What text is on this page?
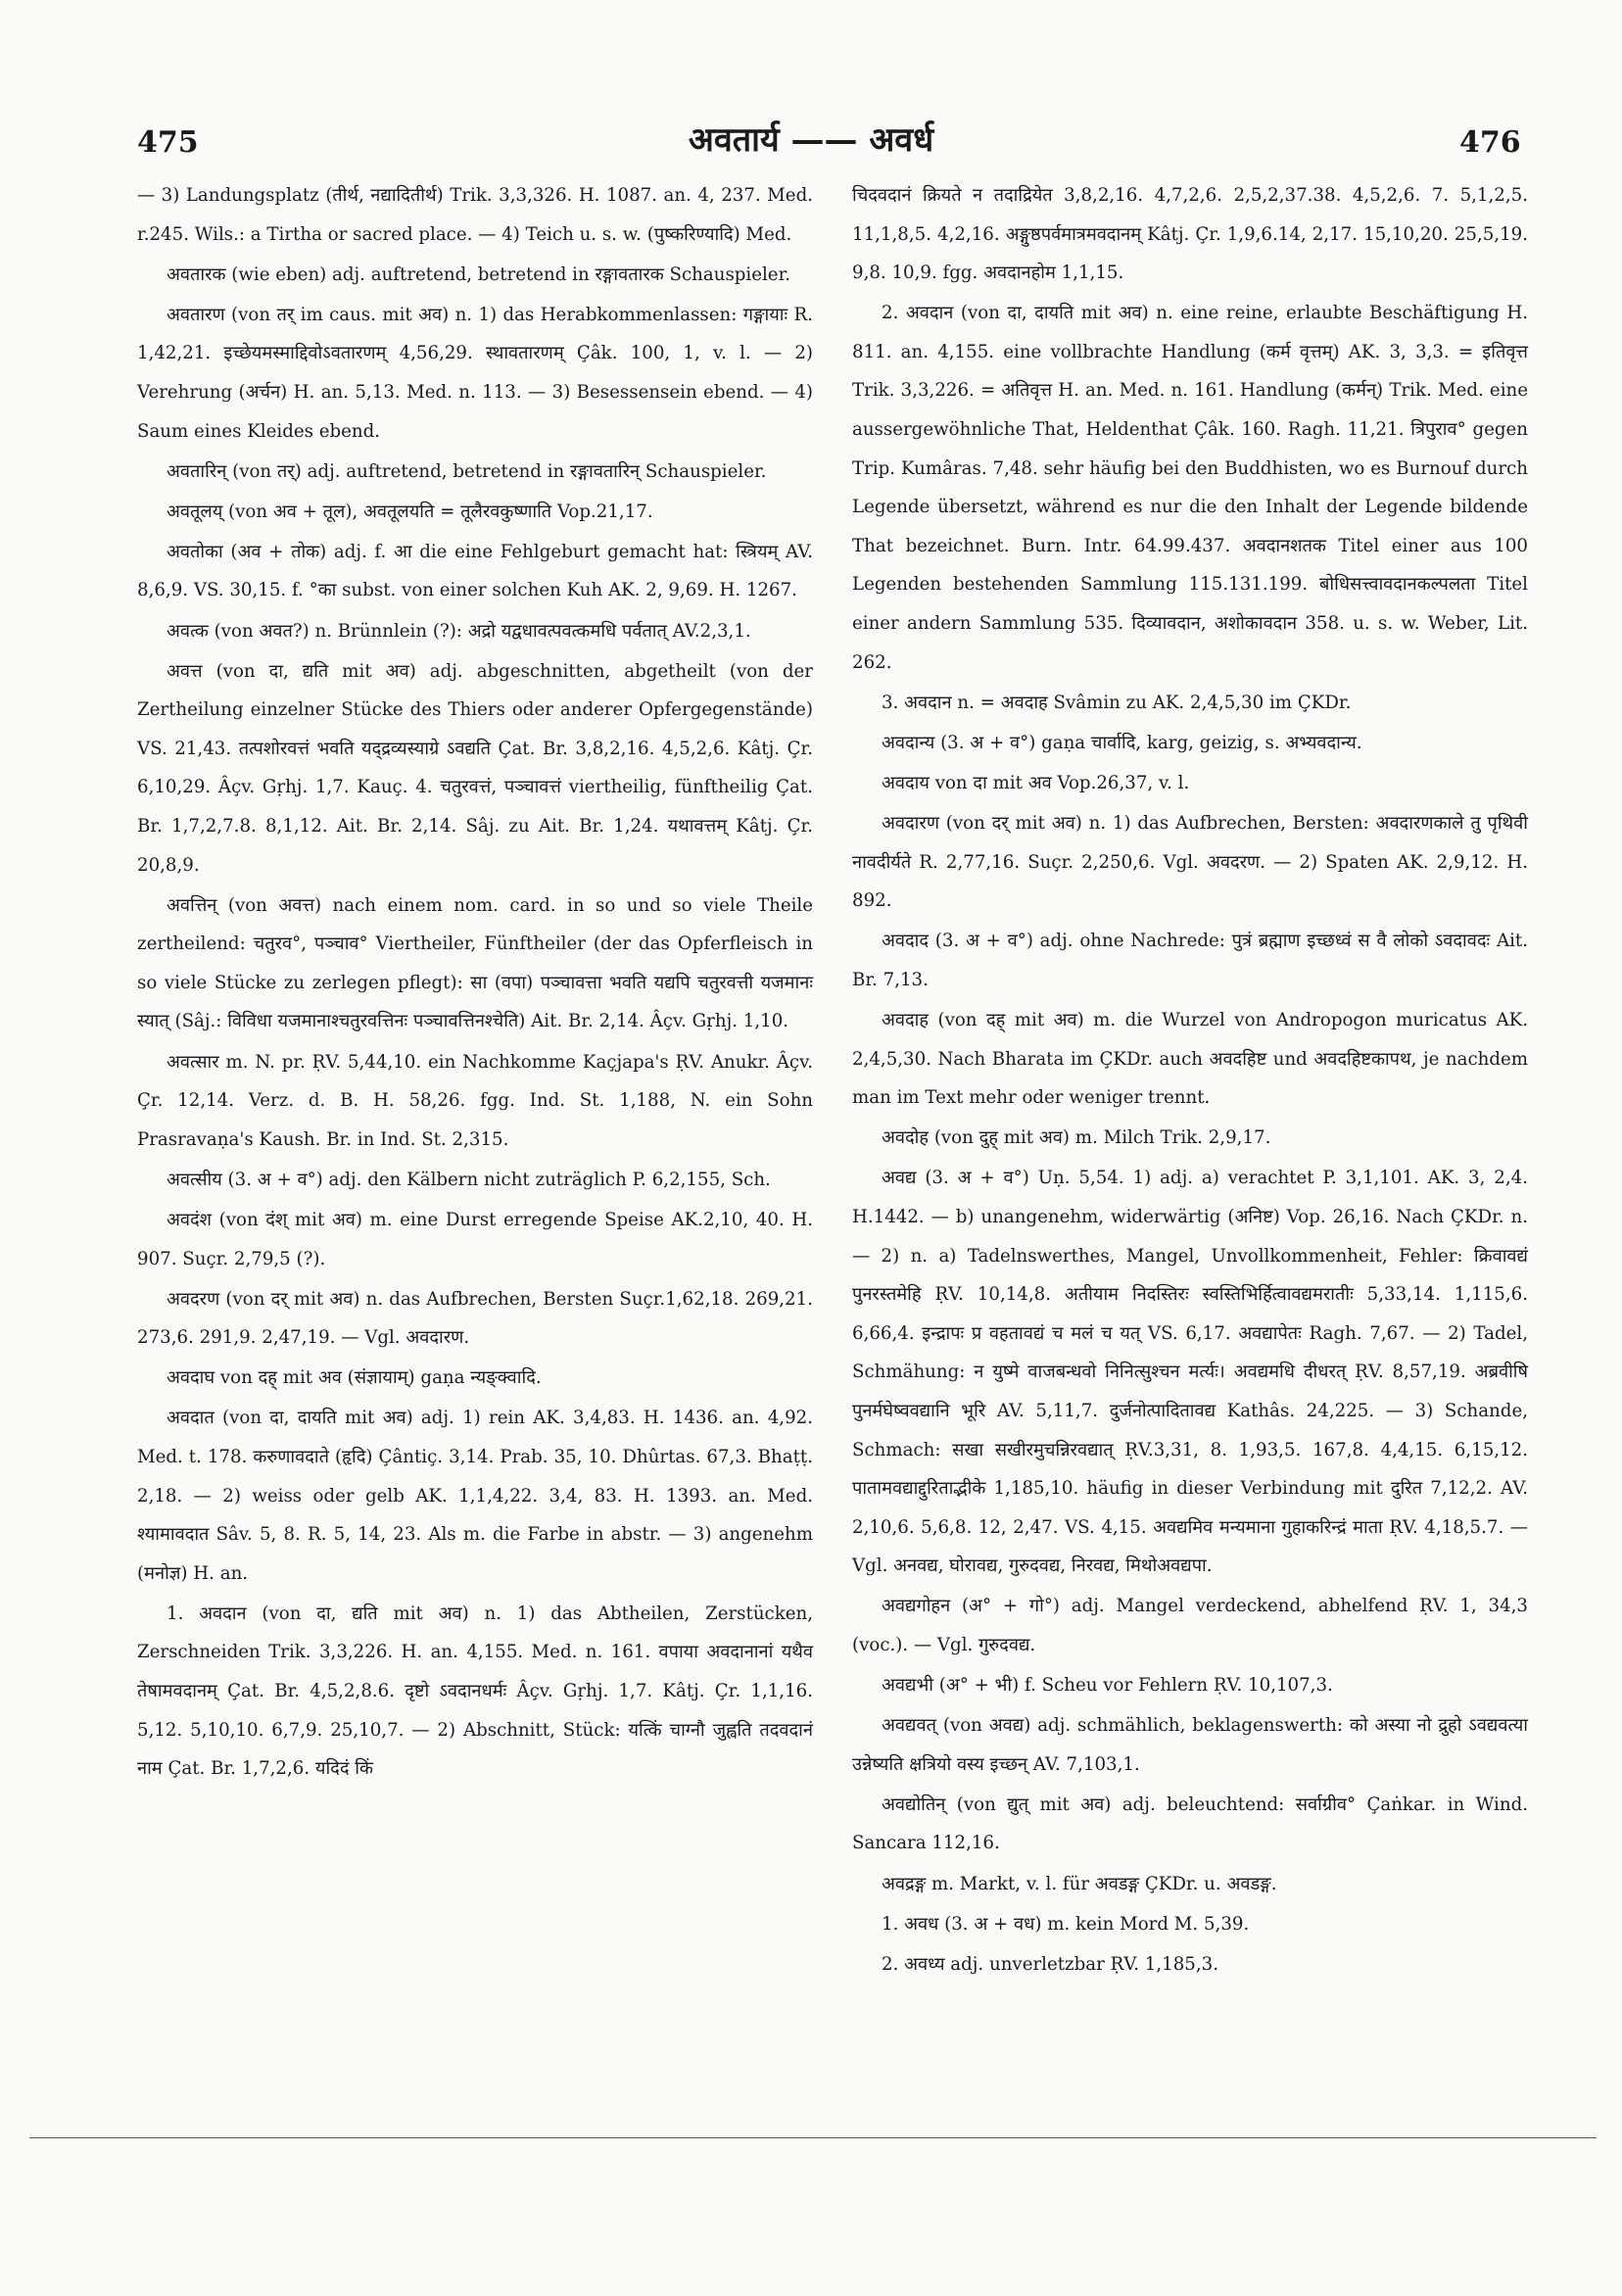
475	अवतार्य —— अवर्ध	476

— 3) Landungsplatz (तीर्थ, नद्यादितीर्थ) Trik. 3,3,326. H. 1087. an. 4, 237. Med. r.245. Wils.: a Tirtha or sacred place. — 4) Teich u. s. w. (पुष्करिण्यादि) Med.

अवतारक (wie eben) adj. auftretend, betretend in रङ्गावतारक Schauspieler.

अवतारण (von तर् im caus. mit अव) n. 1) das Herabkommenlassen: गङ्गायाः R. 1,42,21. इच्छेयमस्माद्दिवोऽवतारणम् 4,56,29. स्थावतारणम् Çâk. 100, 1, v. l. — 2) Verehrung (अर्चन) H. an. 5,13. Med. n. 113. — 3) Besessensein ebend. — 4) Saum eines Kleides ebend.

अवतारिन् (von तर्) adj. auftretend, betretend in रङ्गावतारिन् Schauspieler.

अवतूलय् (von अव + तूल), अवतूलयति = तूलैरवकुष्णाति Vop.21,17.

अवतोका (अव + तोक) adj. f. आ die eine Fehlgeburt gemacht hat: स्त्रियम् AV. 8,6,9. VS. 30,15. f. °का subst. von einer solchen Kuh AK. 2, 9,69. H. 1267.

अवत्क (von अवत?) n. Brünnlein (?): अद्रो यद्वधावत्पवत्कमधि पर्वतात् AV.2,3,1.

अवत्त (von दा, द्यति mit अव) adj. abgeschnitten, abgetheilt (von der Zertheilung einzelner Stücke des Thiers oder anderer Opfergegenstände) VS. 21,43. तत्पशोरवत्तं भवति यद्द्रव्यस्याग्रे ऽवद्यति Çat. Br. 3,8,2,16. 4,5,2,6. Kâtj. Çr. 6,10,29. Âçv. Gṛhj. 1,7. Kauç. 4. चतुरवत्तं, पञ्चावत्तं viertheilig, fünftheilig Çat. Br. 1,7,2,7.8. 8,1,12. Ait. Br. 2,14. Sâj. zu Ait. Br. 1,24. यथावत्तम् Kâtj. Çr. 20,8,9.

अवत्तिन् (von अवत्त) nach einem nom. card. in so und so viele Theile zertheilend: चतुरव°, पञ्चाव° Viertheiler, Fünftheiler (der das Opferfleisch in so viele Stücke zu zerlegen pflegt): सा (वपा) पञ्चावत्ता भवति यद्यपि चतुरवत्ती यजमानः स्यात् (Sâj.: विविधा यजमानाश्चतुरवत्तिनः पञ्चावत्तिनश्चेति) Ait. Br. 2,14. Âçv. Gṛhj. 1,10.

अवत्सार m. N. pr. ṚV. 5,44,10. ein Nachkomme Kaçjapa's ṚV. Anukr. Âçv. Çr. 12,14. Verz. d. B. H. 58,26. fgg. Ind. St. 1,188, N. ein Sohn Prasravaṇa's Kaush. Br. in Ind. St. 2,315.

अवत्सीय (3. अ + व°) adj. den Kälbern nicht zuträglich P. 6,2,155, Sch.

अवदंश (von दंश् mit अव) m. eine Durst erregende Speise AK.2,10, 40. H. 907. Suçr. 2,79,5 (?).

अवदरण (von दर् mit अव) n. das Aufbrechen, Bersten Suçr.1,62,18. 269,21. 273,6. 291,9. 2,47,19. — Vgl. अवदारण.

अवदाघ von दह् mit अव (संज्ञायाम्) gaṇa न्यङ्क्वादि.

अवदात (von दा, दायति mit अव) adj. 1) rein AK. 3,4,83. H. 1436. an. 4,92. Med. t. 178. करुणावदाते (हृदि) Çântiç. 3,14. Prab. 35, 10. Dhûrtas. 67,3. Bhaṭṭ. 2,18. — 2) weiss oder gelb AK. 1,1,4,22. 3,4, 83. H. 1393. an. Med. श्यामावदात Sâv. 5, 8. R. 5, 14, 23. Als m. die Farbe in abstr. — 3) angenehm (मनोज्ञ) H. an.

1. अवदान (von दा, द्यति mit अव) n. 1) das Abtheilen, Zerstücken, Zerschneiden Trik. 3,3,226. H. an. 4,155. Med. n. 161. वपाया अवदानानां यथैव तेषामवदानम् Çat. Br. 4,5,2,8.6. दृष्टो ऽवदानधर्मः Âçv. Gṛhj. 1,7. Kâtj. Çr. 1,1,16. 5,12. 5,10,10. 6,7,9. 25,10,7. — 2) Abschnitt, Stück: यत्किं चाग्नौ जुह्वति तदवदानं नाम Çat. Br. 1,7,2,6. यदिदं किं

चिदवदानं क्रियते न तदाद्रियेत 3,8,2,16. 4,7,2,6. 2,5,2,37.38. 4,5,2,6. 7. 5,1,2,5. 11,1,8,5. 4,2,16. अङ्गुष्ठपर्वमात्रमवदानम् Kâtj. Çr. 1,9,6.14, 2,17. 15,10,20. 25,5,19. 9,8. 10,9. fgg. अवदानहोम 1,1,15.

2. अवदान (von दा, दायति mit अव) n. eine reine, erlaubte Beschäftigung H. 811. an. 4,155. eine vollbrachte Handlung (कर्म वृत्तम्) AK. 3, 3,3. = इतिवृत्त Trik. 3,3,226. = अतिवृत्त H. an. Med. n. 161. Handlung (कर्मन्) Trik. Med. eine aussergewöhnliche That, Heldenthat Çâk. 160. Ragh. 11,21. त्रिपुराव° gegen Trip. Kumâras. 7,48. sehr häufig bei den Buddhisten, wo es Burnouf durch Legende übersetzt, während es nur die den Inhalt der Legende bildende That bezeichnet. Burn. Intr. 64.99.437. अवदानशतक Titel einer aus 100 Legenden bestehenden Sammlung 115.131.199. बोधिसत्त्वावदानकल्पलता Titel einer andern Sammlung 535. दिव्यावदान, अशोकावदान 358. u. s. w. Weber, Lit. 262.

3. अवदान n. = अवदाह Svâmin zu AK. 2,4,5,30 im ÇKDr.

अवदान्य (3. अ + व°) gaṇa चार्वादि, karg, geizig, s. अभ्यवदान्य.

अवदाय von दा mit अव Vop.26,37, v. l.

अवदारण (von दर् mit अव) n. 1) das Aufbrechen, Bersten: अवदारणकाले तु पृथिवी नावदीर्यते R. 2,77,16. Suçr. 2,250,6. Vgl. अवदरण. — 2) Spaten AK. 2,9,12. H. 892.

अवदाद (3. अ + व°) adj. ohne Nachrede: पुत्रं ब्रह्माण इच्छध्वं स वै लोको ऽवदावदः Ait. Br. 7,13.

अवदाह (von दह् mit अव) m. die Wurzel von Andropogon muricatus AK. 2,4,5,30. Nach Bharata im ÇKDr. auch अवदहिष्ट und अवदहिष्टकापथ, je nachdem man im Text mehr oder weniger trennt.

अवदोह (von दुह् mit अव) m. Milch Trik. 2,9,17.

अवद्य (3. अ + व°) Uṇ. 5,54. 1) adj. a) verachtet P. 3,1,101. AK. 3, 2,4. H.1442. — b) unangenehm, widerwärtig (अनिष्ट) Vop. 26,16. Nach ÇKDr. n. — 2) n. a) Tadelnswerthes, Mangel, Unvollkommenheit, Fehler: क्रिवावद्यं पुनरस्तमेहि ṚV. 10,14,8. अतीयाम निदस्तिरः स्वस्तिभिर्हित्वावद्यमरातीः 5,33,14. 1,115,6. 6,66,4. इन्द्रापः प्र वहतावद्यं च मलं च यत् VS. 6,17. अवद्यापेतः Ragh. 7,67. — 2) Tadel, Schmähung: न युष्मे वाजबन्धवो निनित्सुश्चन मर्त्यः। अवद्यमधि दीधरत् ṚV. 8,57,19. अब्रवीषि पुनर्मघेष्ववद्यानि भूरि AV. 5,11,7. दुर्जनोत्पादितावद्य Kathâs. 24,225. — 3) Schande, Schmach: सखा सखीरमुचन्निरवद्यात् ṚV.3,31, 8. 1,93,5. 167,8. 4,4,15. 6,15,12. पातामवद्याद्दुरिताद्भीके 1,185,10. häufig in dieser Verbindung mit दुरित 7,12,2. AV. 2,10,6. 5,6,8. 12, 2,47. VS. 4,15. अवद्यमिव मन्यमाना गुहाकरिन्द्रं माता ṚV. 4,18,5.7. — Vgl. अनवद्य, घोरावद्य, गुरुदवद्य, निरवद्य, मिथोअवद्यपा.

अवद्यगोहन (अ° + गो°) adj. Mangel verdeckend, abhelfend ṚV. 1, 34,3 (voc.). — Vgl. गुरुदवद्य.

अवद्यभी (अ° + भी) f. Scheu vor Fehlern ṚV. 10,107,3.

अवद्यवत् (von अवद्य) adj. schmählich, beklagenswerth: को अस्या नो द्रुहो ऽवद्यवत्या उन्नेष्यति क्षत्रियो वस्य इच्छन् AV. 7,103,1.

अवद्योतिन् (von द्युत् mit अव) adj. beleuchtend: सर्वाग्रीव° Çaṅkar. in Wind. Sancara 112,16.

अवद्रङ्ग m. Markt, v. l. für अवडङ्ग ÇKDr. u. अवडङ्ग.

1. अवध (3. अ + वध) m. kein Mord M. 5,39.

2. अवध्य adj. unverletzbar ṚV. 1,185,3.
